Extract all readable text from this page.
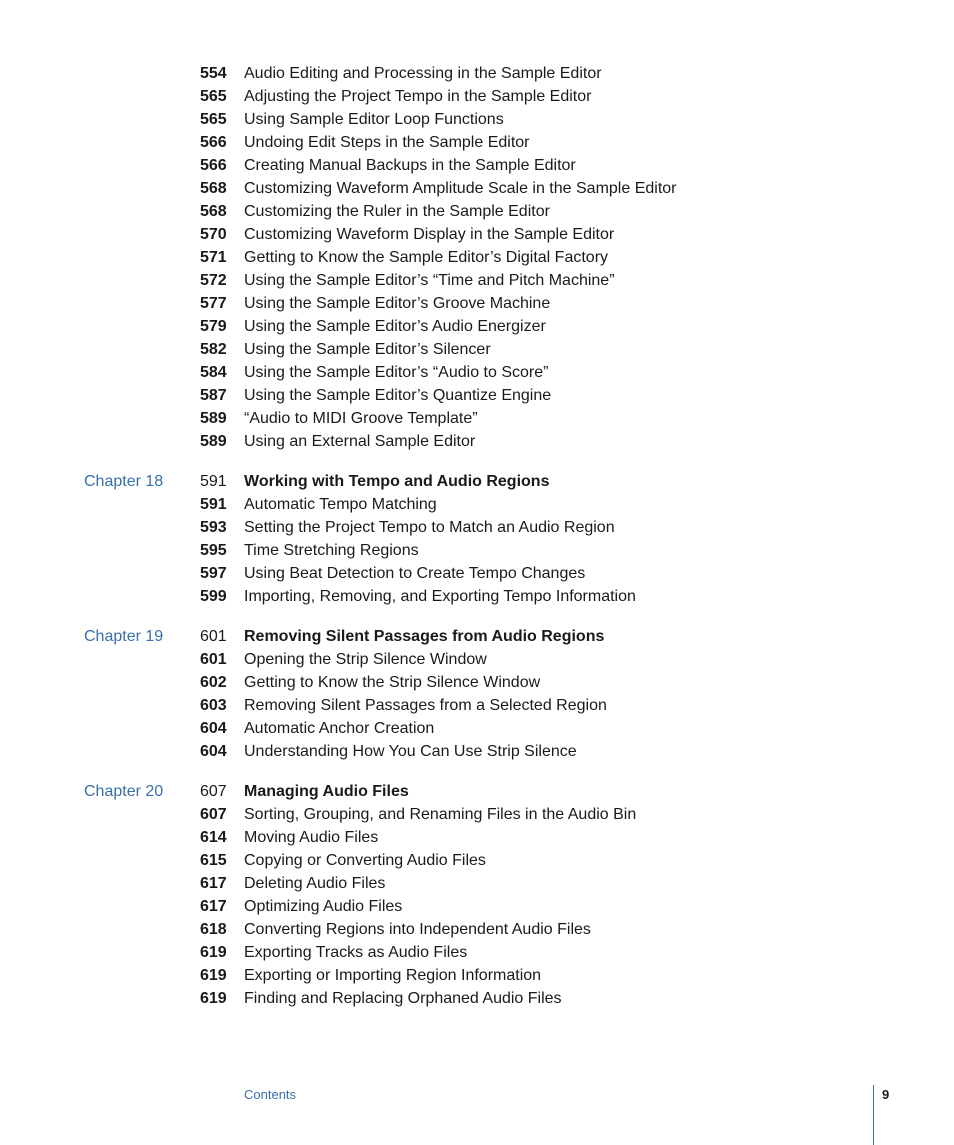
554	Audio Editing and Processing in the Sample Editor
565	Adjusting the Project Tempo in the Sample Editor
565	Using Sample Editor Loop Functions
566	Undoing Edit Steps in the Sample Editor
566	Creating Manual Backups in the Sample Editor
568	Customizing Waveform Amplitude Scale in the Sample Editor
568	Customizing the Ruler in the Sample Editor
570	Customizing Waveform Display in the Sample Editor
571	Getting to Know the Sample Editor’s Digital Factory
572	Using the Sample Editor’s “Time and Pitch Machine”
577	Using the Sample Editor’s Groove Machine
579	Using the Sample Editor’s Audio Energizer
582	Using the Sample Editor’s Silencer
584	Using the Sample Editor’s “Audio to Score”
587	Using the Sample Editor’s Quantize Engine
589	“Audio to MIDI Groove Template”
589	Using an External Sample Editor
Chapter 18 591	Working with Tempo and Audio Regions
591	Automatic Tempo Matching
593	Setting the Project Tempo to Match an Audio Region
595	Time Stretching Regions
597	Using Beat Detection to Create Tempo Changes
599	Importing, Removing, and Exporting Tempo Information
Chapter 19 601	Removing Silent Passages from Audio Regions
601	Opening the Strip Silence Window
602	Getting to Know the Strip Silence Window
603	Removing Silent Passages from a Selected Region
604	Automatic Anchor Creation
604	Understanding How You Can Use Strip Silence
Chapter 20 607	Managing Audio Files
607	Sorting, Grouping, and Renaming Files in the Audio Bin
614	Moving Audio Files
615	Copying or Converting Audio Files
617	Deleting Audio Files
617	Optimizing Audio Files
618	Converting Regions into Independent Audio Files
619	Exporting Tracks as Audio Files
619	Exporting or Importing Region Information
619	Finding and Replacing Orphaned Audio Files
Contents	9
